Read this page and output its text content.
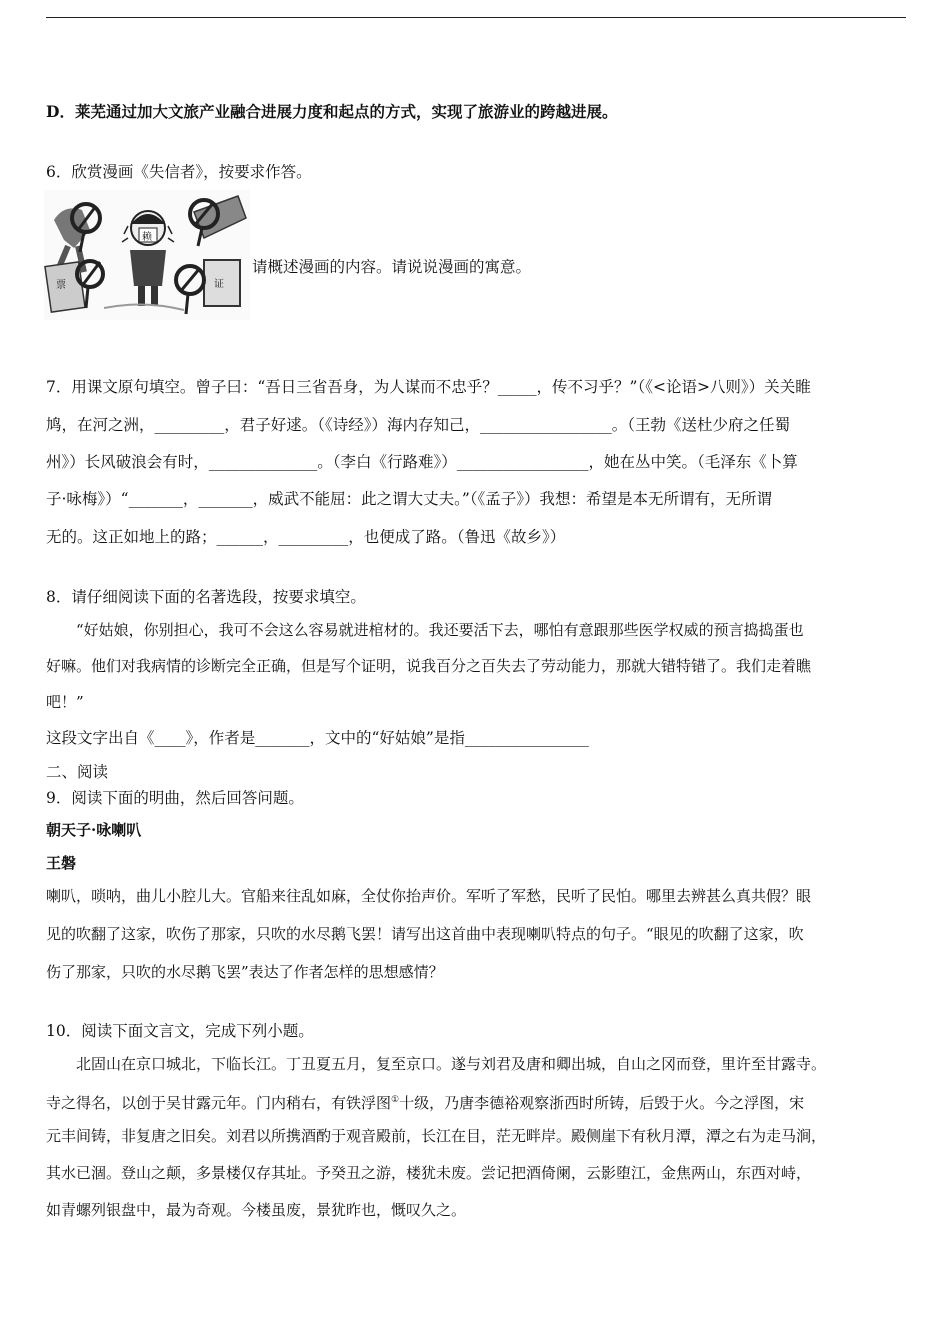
D．莱芜通过加大文旅产业融合进展力度和起点的方式，实现了旅游业的跨越进展。
6．欣赏漫画《失信者》，按要求作答。
赖
票	证
请概述漫画的内容。请说说漫画的寓意。
7．用课文原句填空。曾子曰：“吾日三省吾身，为人谋而不忠乎？_____，传不习乎？”（《<论语>八则》）关关睢
鸠，在河之洲，_________，君子好逑。（《诗经》）海内存知己，_________________。（王勃《送杜少府之任蜀
州》）长风破浪会有时，______________。（李白《行路难》）_________________，她在丛中笑。（毛泽东《卜算
子·咏梅》）“_______，_______，威武不能屈：此之谓大丈夫。”（《孟子》）我想：希望是本无所谓有，无所谓
无的。这正如地上的路；______，_________，也便成了路。（鲁迅《故乡》）
8．请仔细阅读下面的名著选段，按要求填空。
　　“好姑娘，你别担心，我可不会这么容易就进棺材的。我还要活下去，哪怕有意跟那些医学权威的预言捣捣蛋也
好嘛。他们对我病情的诊断完全正确，但是写个证明，说我百分之百失去了劳动能力，那就大错特错了。我们走着瞧
吧！”
这段文字出自《____》，作者是_______，文中的“好姑娘”是指________________
二、阅读
9．阅读下面的明曲，然后回答问题。
朝天子·咏喇叭
王磐
喇叭，唢呐，曲儿小腔儿大。官船来往乱如麻，全仗你抬声价。军听了军愁，民听了民怕。哪里去辨甚么真共假？眼
见的吹翻了这家，吹伤了那家，只吹的水尽鹅飞罢！请写出这首曲中表现喇叭特点的句子。“眼见的吹翻了这家，吹
伤了那家，只吹的水尽鹅飞罢”表达了作者怎样的思想感情？
10．阅读下面文言文，完成下列小题。
　　北固山在京口城北，下临长江。丁丑夏五月，复至京口。遂与刘君及唐和卿出城，自山之冈而登，里许至甘露寺。
寺之得名，以创于吴甘露元年。门内稍右，有铁浮图①十级，乃唐李德裕观察浙西时所铸，后毁于火。今之浮图，宋
元丰间铸，非复唐之旧矣。刘君以所携酒酌于观音殿前，长江在目，茫无畔岸。殿侧崖下有秋月潭，潭之右为走马涧，
其水已涸。登山之颠，多景楼仅存其址。予癸丑之游，楼犹未废。尝记把酒倚阑，云影堕江，金焦两山，东西对峙，
如青螺列银盘中，最为奇观。今楼虽废，景犹昨也，慨叹久之。
